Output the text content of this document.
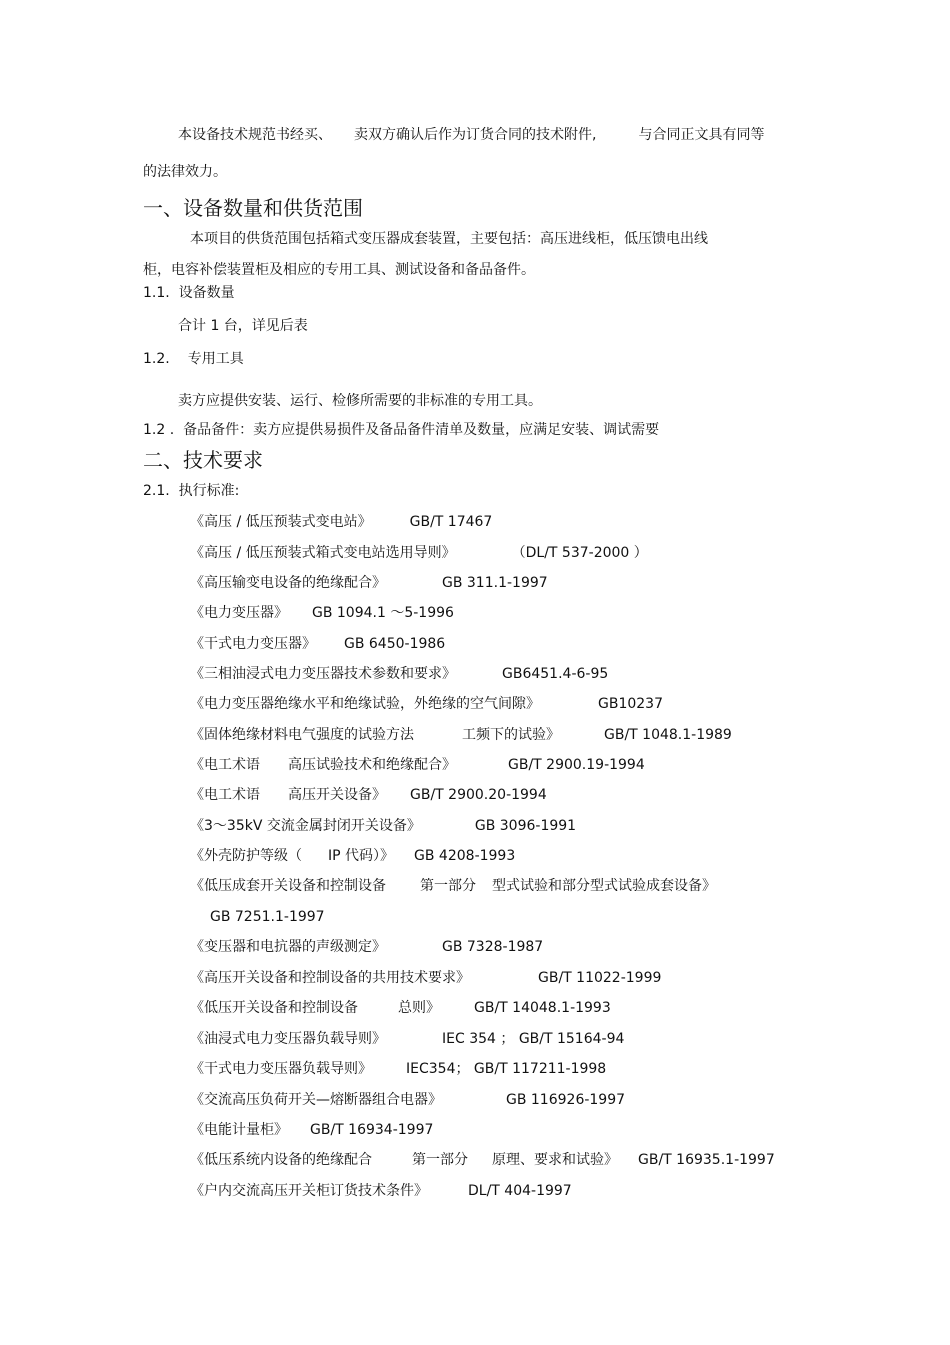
本设备技术规范书经买、 卖双方确认后作为订货合同的技术附件,	与合同正文具有同等
的法律效力。
一、设备数量和供货范围
本项目的供货范围包括箱式变压器成套装置，主要包括：高压进线柜，低压馈电出线
柜，电容补偿装置柜及相应的专用工具、测试设备和备品备件。
1.1. 设备数量
合计 1 台，详见后表
1.2. 专用工具
卖方应提供安装、运行、检修所需要的非标准的专用工具。
1.2 . 备品备件：卖方应提供易损件及备品备件清单及数量，应满足安装、调试需要
二、技术要求
2.1. 执行标准:
《高压 / 低压预装式变电站》	GB/T 17467
《高压 / 低压预装式箱式变电站选用导则》	（DL/T 537-2000 ）
《高压输变电设备的绝缘配合》	GB 311.1-1997
《电力变压器》 GB 1094.1 ～5-1996
《干式电力变压器》 GB 6450-1986
《三相油浸式电力变压器技术参数和要求》	GB6451.4-6-95
《电力变压器绝缘水平和绝缘试验，外绝缘的空气间隙》	GB10237
《固体绝缘材料电气强度的试验方法	工频下的试验》	GB/T 1048.1-1989
《电工术语 高压试验技术和绝缘配合》	GB/T 2900.19-1994
《电工术语 高压开关设备》 GB/T 2900.20-1994
《3～35kV 交流金属封闭开关设备》	GB 3096-1991
《外壳防护等级（ IP 代码）》 GB 4208-1993
《低压成套开关设备和控制设备 第一部分 型式试验和部分型式试验成套设备》
GB 7251.1-1997
《变压器和电抗器的声级测定》	GB 7328-1987
《高压开关设备和控制设备的共用技术要求》	GB/T 11022-1999
《低压开关设备和控制设备	总则》 GB/T 14048.1-1993
《油浸式电力变压器负载导则》	IEC 354 ； GB/T 15164-94
《干式电力变压器负载导则》 IEC354； GB/T 117211-1998
《交流高压负荷开关—熔断器组合电器》	GB 116926-1997
《电能计量柜》 GB/T 16934-1997
《低压系统内设备的绝缘配合	第一部分 原理、要求和试验》 GB/T 16935.1-1997
《户内交流高压开关柜订货技术条件》	DL/T 404-1997
